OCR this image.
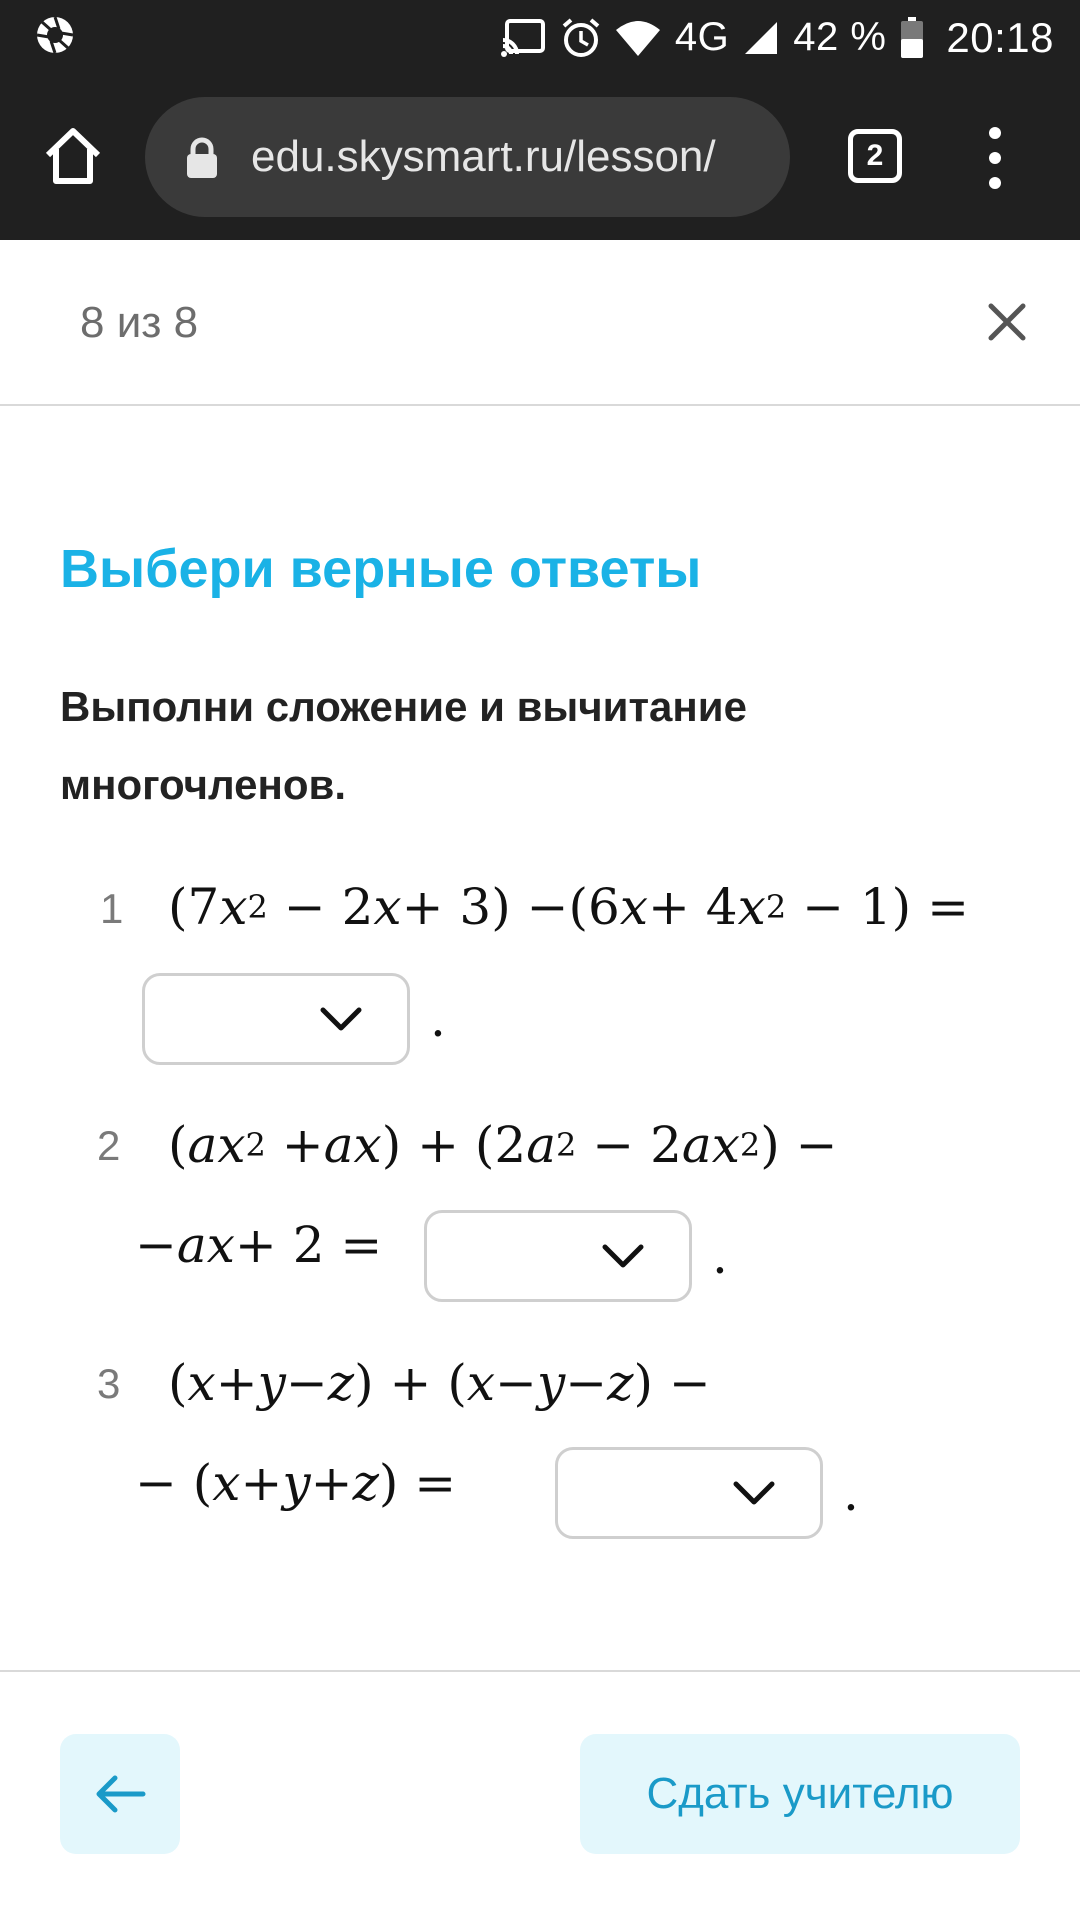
4G 42 % 20:18
edu.skysmart.ru/lesson/	2
8 из 8
Выбери верные ответы
Выполни сложение и вычитание многочленов.
1 (7 x 2 − 2 x + 3) −(6 x + 4 x 2 − 1) =
.
2 ( ax 2 + ax ) + (2 a 2 − 2 ax 2 ) −
− ax + 2 =	.
3 ( x + y − z ) + ( x − y − z ) −
− ( x + y + z ) =	.
Сдать учителю
